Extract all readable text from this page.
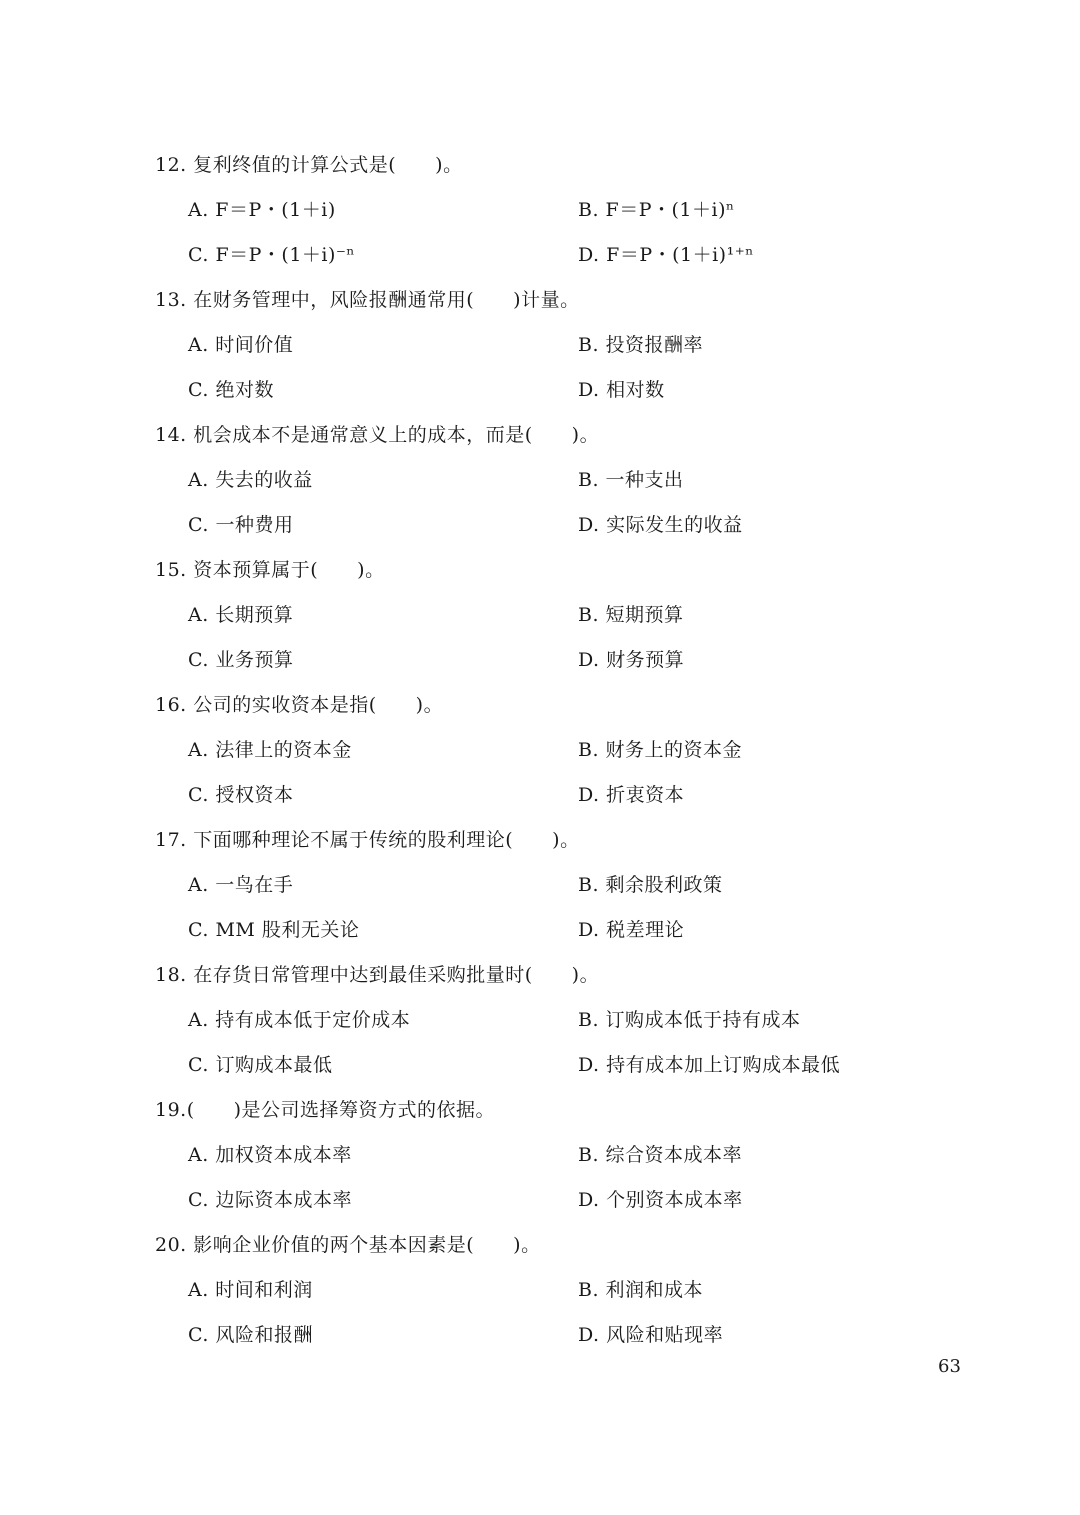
12. 复利终值的计算公式是(　　)。
A. F＝P・(1＋i)	B. F＝P・(1＋i)ⁿ
C. F＝P・(1＋i)⁻ⁿ	D. F＝P・(1＋i)¹⁺ⁿ
13. 在财务管理中，风险报酬通常用(　　)计量。
A. 时间价值	B. 投资报酬率
C. 绝对数	D. 相对数
14. 机会成本不是通常意义上的成本，而是(　　)。
A. 失去的收益	B. 一种支出
C. 一种费用	D. 实际发生的收益
15. 资本预算属于(　　)。
A. 长期预算	B. 短期预算
C. 业务预算	D. 财务预算
16. 公司的实收资本是指(　　)。
A. 法律上的资本金	B. 财务上的资本金
C. 授权资本	D. 折衷资本
17. 下面哪种理论不属于传统的股利理论(　　)。
A. 一鸟在手	B. 剩余股利政策
C. MM 股利无关论	D. 税差理论
18. 在存货日常管理中达到最佳采购批量时(　　)。
A. 持有成本低于定价成本	B. 订购成本低于持有成本
C. 订购成本最低	D. 持有成本加上订购成本最低
19.(　　)是公司选择筹资方式的依据。
A. 加权资本成本率	B. 综合资本成本率
C. 边际资本成本率	D. 个别资本成本率
20. 影响企业价值的两个基本因素是(　　)。
A. 时间和利润	B. 利润和成本
C. 风险和报酬	D. 风险和贴现率
63
